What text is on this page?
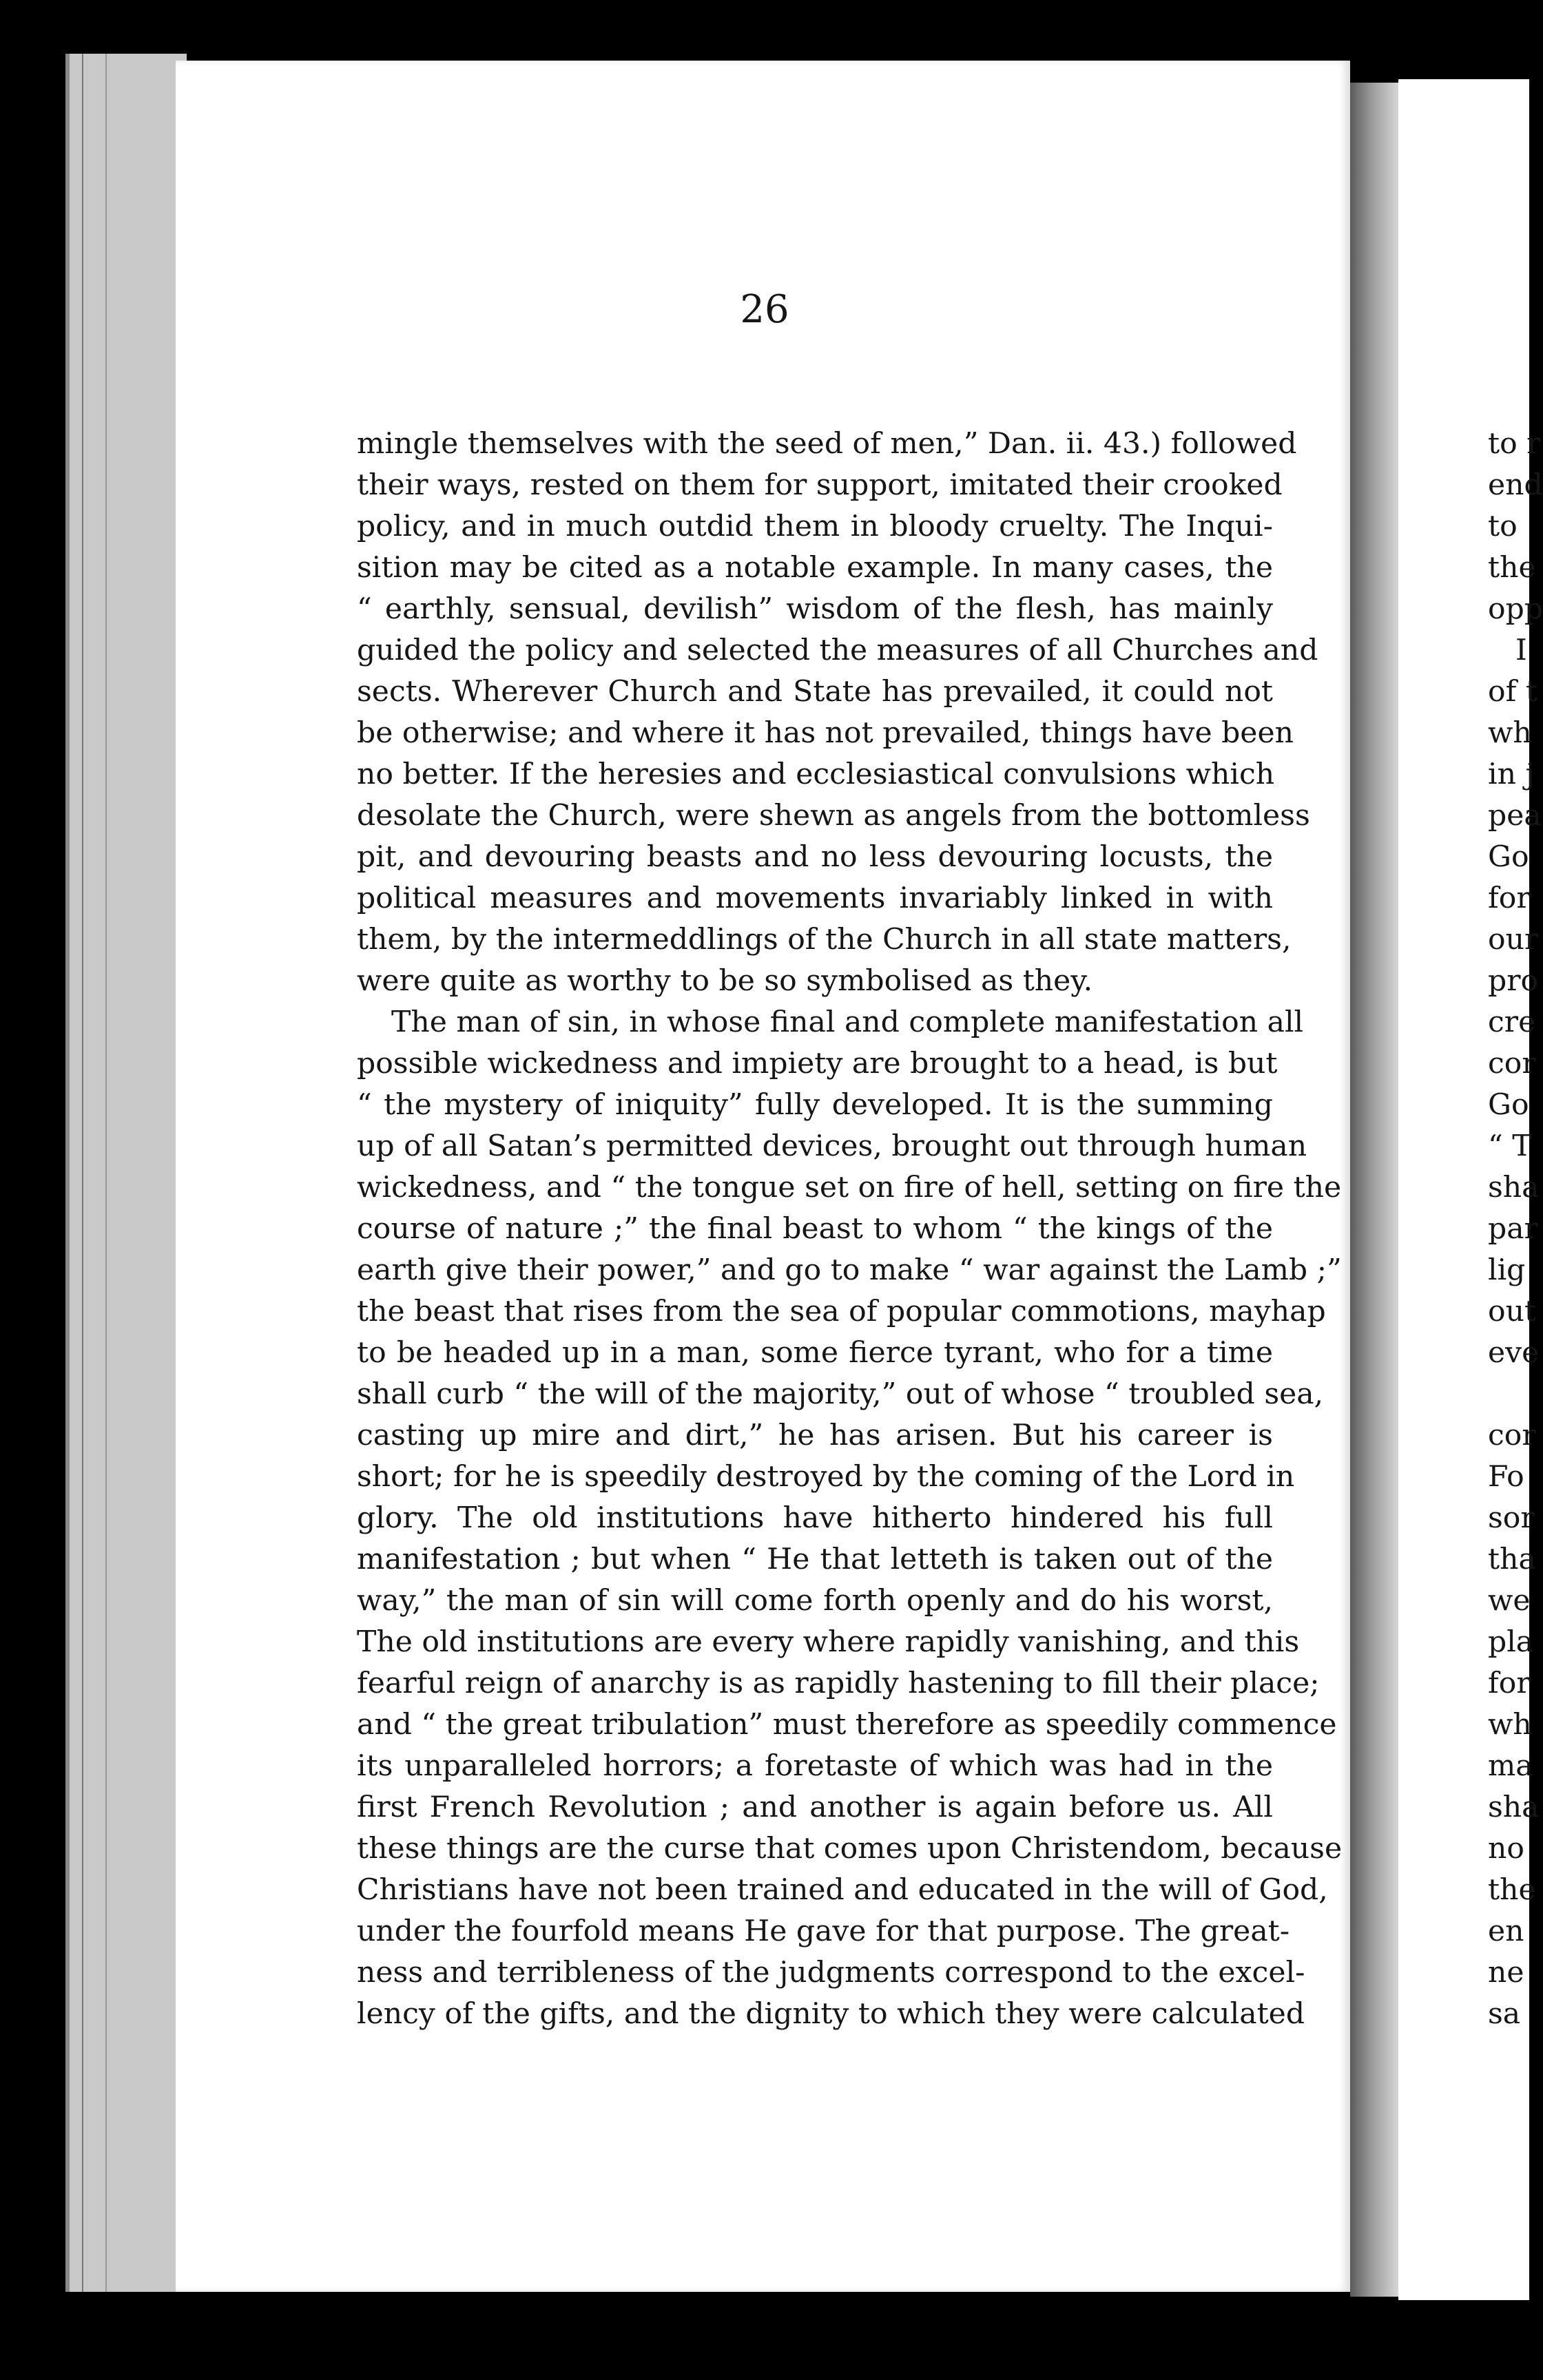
26
mingle themselves with the seed of men,” Dan. ii. 43.) followed
their ways, rested on them for support, imitated their crooked
policy, and in much outdid them in bloody cruelty. The Inqui-
sition may be cited as a notable example. In many cases, the
“ earthly, sensual, devilish” wisdom of the flesh, has mainly
guided the policy and selected the measures of all Churches and
sects. Wherever Church and State has prevailed, it could not
be otherwise; and where it has not prevailed, things have been
no better. If the heresies and ecclesiastical convulsions which
desolate the Church, were shewn as angels from the bottomless
pit, and devouring beasts and no less devouring locusts, the
political measures and movements invariably linked in with
them, by the intermeddlings of the Church in all state matters,
were quite as worthy to be so symbolised as they.
The man of sin, in whose final and complete manifestation all
possible wickedness and impiety are brought to a head, is but
“ the mystery of iniquity” fully developed. It is the summing
up of all Satan’s permitted devices, brought out through human
wickedness, and “ the tongue set on fire of hell, setting on fire the
course of nature ;” the final beast to whom “ the kings of the
earth give their power,” and go to make “ war against the Lamb ;”
the beast that rises from the sea of popular commotions, mayhap
to be headed up in a man, some fierce tyrant, who for a time
shall curb “ the will of the majority,” out of whose “ troubled sea,
casting up mire and dirt,” he has arisen. But his career is
short; for he is speedily destroyed by the coming of the Lord in
glory. The old institutions have hitherto hindered his full
manifestation ; but when “ He that letteth is taken out of the
way,” the man of sin will come forth openly and do his worst,
The old institutions are every where rapidly vanishing, and this
fearful reign of anarchy is as rapidly hastening to fill their place;
and “ the great tribulation” must therefore as speedily commence
its unparalleled horrors; a foretaste of which was had in the
first French Revolution ; and another is again before us. All
these things are the curse that comes upon Christendom, because
Christians have not been trained and educated in the will of God,
under the fourfold means He gave for that purpose. The great-
ness and terribleness of the judgments correspond to the excel-
lency of the gifts, and the dignity to which they were calculated
to r
end
to
the
opp
I
of t
wh
in j
pea
Go
for
our
pro
cre
cor
Go
“ T
sha
par
lig
out
eve
cor
Fo
sor
tha
we
pla
for
wh
ma
sha
no
the
en
ne
sa
